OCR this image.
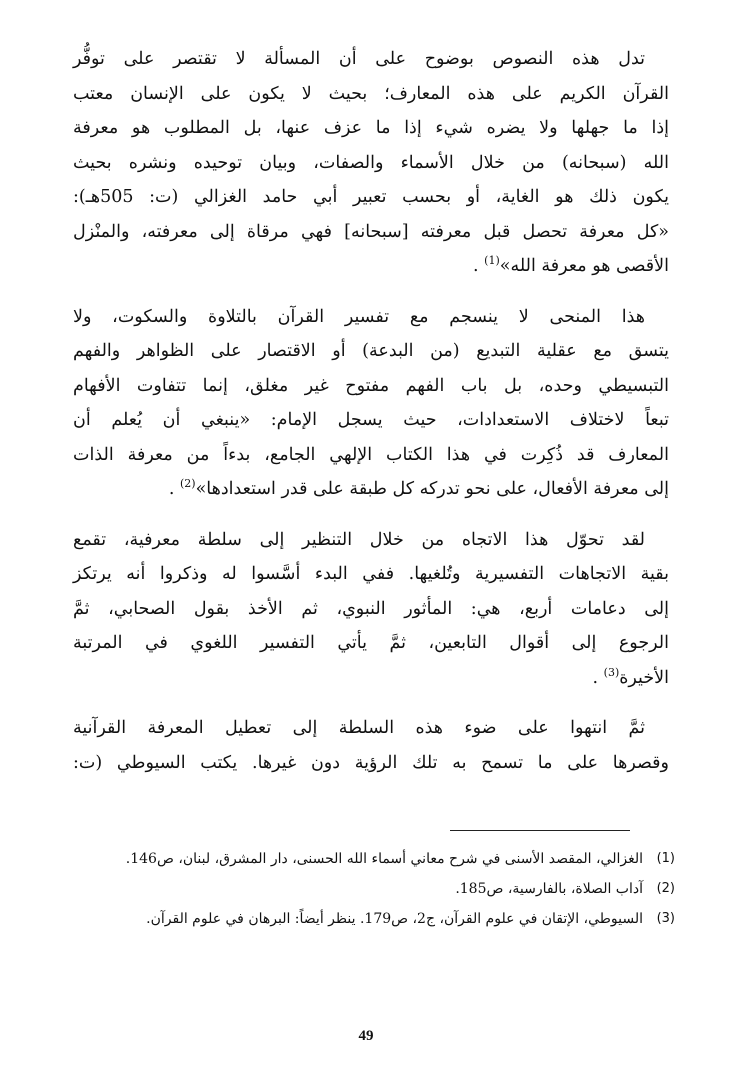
تدل هذه النصوص بوضوح على أن المسألة لا تقتصر على توفُّر
القرآن الكريم على هذه المعارف؛ بحيث لا يكون على الإنسان معتب
إذا ما جهلها ولا يضره شيء إذا ما عزف عنها، بل المطلوب هو معرفة
الله (سبحانه) من خلال الأسماء والصفات، وبيان توحيده ونشره بحيث
يكون ذلك هو الغاية، أو بحسب تعبير أبي حامد الغزالي (ت: 505هـ):
«كل معرفة تحصل قبل معرفته [سبحانه] فهي مرقاة إلى معرفته، والمنْزل
الأقصى هو معرفة الله»$^{(1)}$ .

هذا المنحى لا ينسجم مع تفسير القرآن بالتلاوة والسكوت، ولا
يتسق مع عقلية التبديع (من البدعة) أو الاقتصار على الظواهر والفهم
التبسيطي وحده، بل باب الفهم مفتوح غير مغلق، إنما تتفاوت الأفهام
تبعاً لاختلاف الاستعدادات، حيث يسجل الإمام: «ينبغي أن يُعلم أن
المعارف قد ذُكِرت في هذا الكتاب الإلهي الجامع، بدءاً من معرفة الذات
إلى معرفة الأفعال، على نحو تدركه كل طبقة على قدر استعدادها»$^{(2)}$ .

لقد تحوّل هذا الاتجاه من خلال التنظير إلى سلطة معرفية، تقمع
بقية الاتجاهات التفسيرية وتُلغيها. ففي البدء أسَّسوا له وذكروا أنه يرتكز
إلى دعامات أربع، هي: المأثور النبوي، ثم الأخذ بقول الصحابي، ثمَّ
الرجوع إلى أقوال التابعين، ثمَّ يأتي التفسير اللغوي في المرتبة
الأخيرة$^{(3)}$ .

ثمَّ انتهوا على ضوء هذه السلطة إلى تعطيل المعرفة القرآنية
وقصرها على ما تسمح به تلك الرؤية دون غيرها. يكتب السيوطي (ت:

(1)
الغزالي، المقصد الأسنى في شرح معاني أسماء الله الحسنى، دار المشرق، لبنان، ص146.
(2)
آداب الصلاة، بالفارسية، ص185.
(3)
السيوطي، الإتقان في علوم القرآن، ج2، ص179. ينظر أيضاً: البرهان في علوم القرآن.
49
